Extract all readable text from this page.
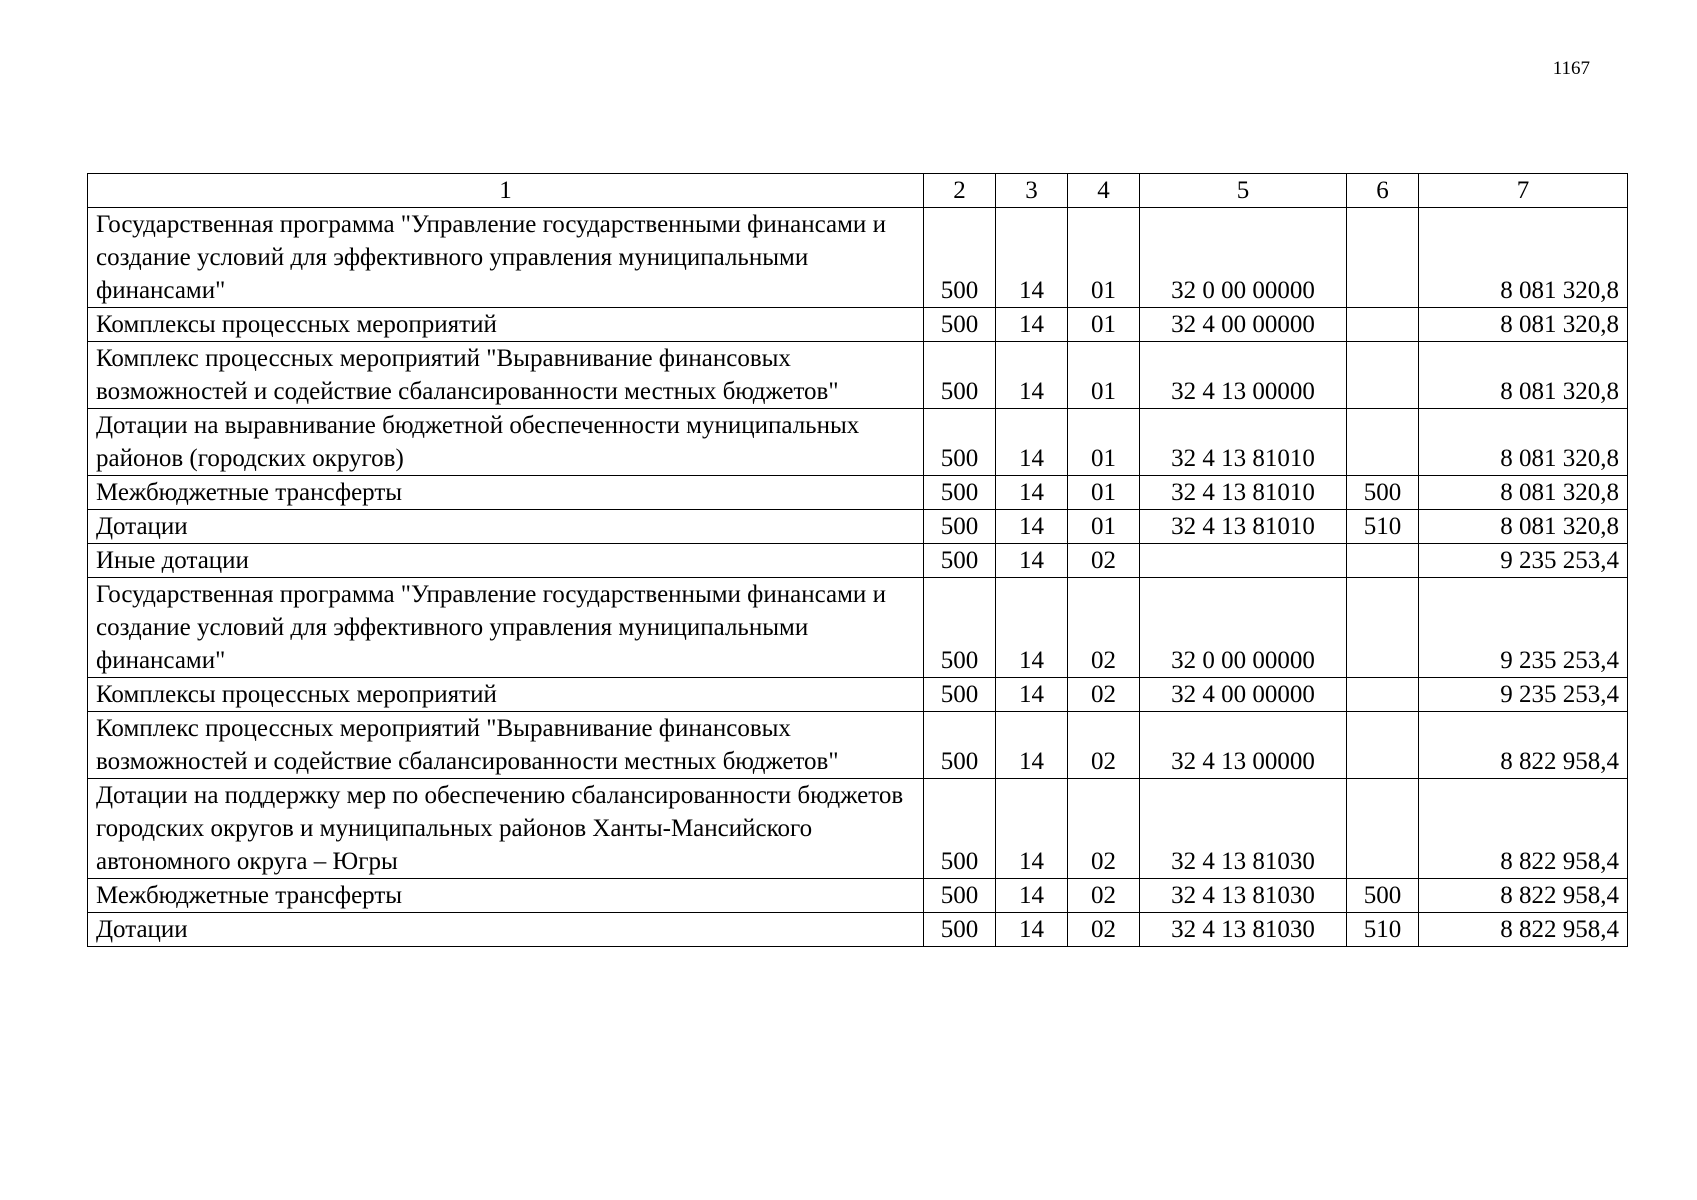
1167
1	2	3	4	5	6	7
Государственная программа "Управление государственными финансами и создание условий для эффективного управления муниципальными финансами"	500	14	01	32 0 00 00000		8 081 320,8
Комплексы процессных мероприятий	500	14	01	32 4 00 00000		8 081 320,8
Комплекс процессных мероприятий "Выравнивание финансовых возможностей и содействие сбалансированности местных бюджетов"	500	14	01	32 4 13 00000		8 081 320,8
Дотации на выравнивание бюджетной обеспеченности муниципальных районов (городских округов)	500	14	01	32 4 13 81010		8 081 320,8
Межбюджетные трансферты	500	14	01	32 4 13 81010	500	8 081 320,8
Дотации	500	14	01	32 4 13 81010	510	8 081 320,8
Иные дотации	500	14	02			9 235 253,4
Государственная программа "Управление государственными финансами и создание условий для эффективного управления муниципальными финансами"	500	14	02	32 0 00 00000		9 235 253,4
Комплексы процессных мероприятий	500	14	02	32 4 00 00000		9 235 253,4
Комплекс процессных мероприятий "Выравнивание финансовых возможностей и содействие сбалансированности местных бюджетов"	500	14	02	32 4 13 00000		8 822 958,4
Дотации на поддержку мер по обеспечению сбалансированности бюджетов городских округов и муниципальных районов Ханты-Мансийского автономного округа – Югры	500	14	02	32 4 13 81030		8 822 958,4
Межбюджетные трансферты	500	14	02	32 4 13 81030	500	8 822 958,4
Дотации	500	14	02	32 4 13 81030	510	8 822 958,4
